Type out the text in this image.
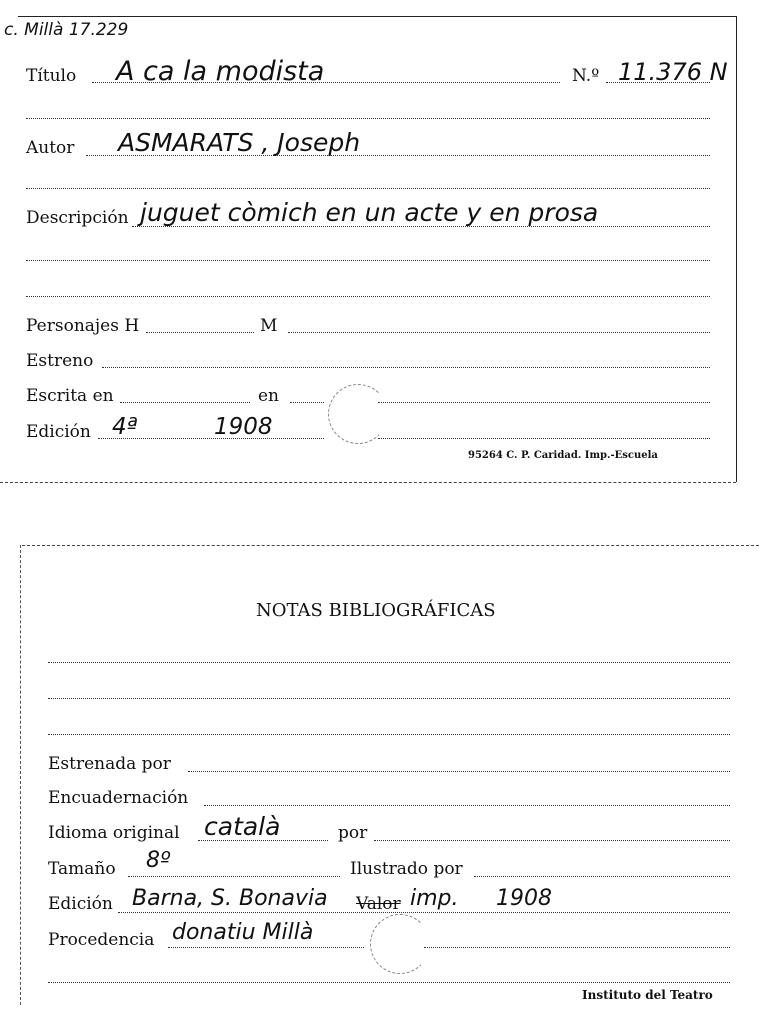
c. Millà 17.229
Título A ca la modista	N.º 11.376 N
Autor ASMARATS , Joseph
Descripción juguet còmich en un acte y en prosa
Personajes H	M
Estreno
Escrita en	en
Edición 4ª	1908
95264 C. P. Caridad. Imp.-Escuela
NOTAS BIBLIOGRÁFICAS
Estrenada por
Encuadernación
Idioma original català	por
Tamaño 8º	Ilustrado por
Edición Barna, S. Bonavia Valor imp. 1908
Procedencia donatiu Millà
Instituto del Teatro
